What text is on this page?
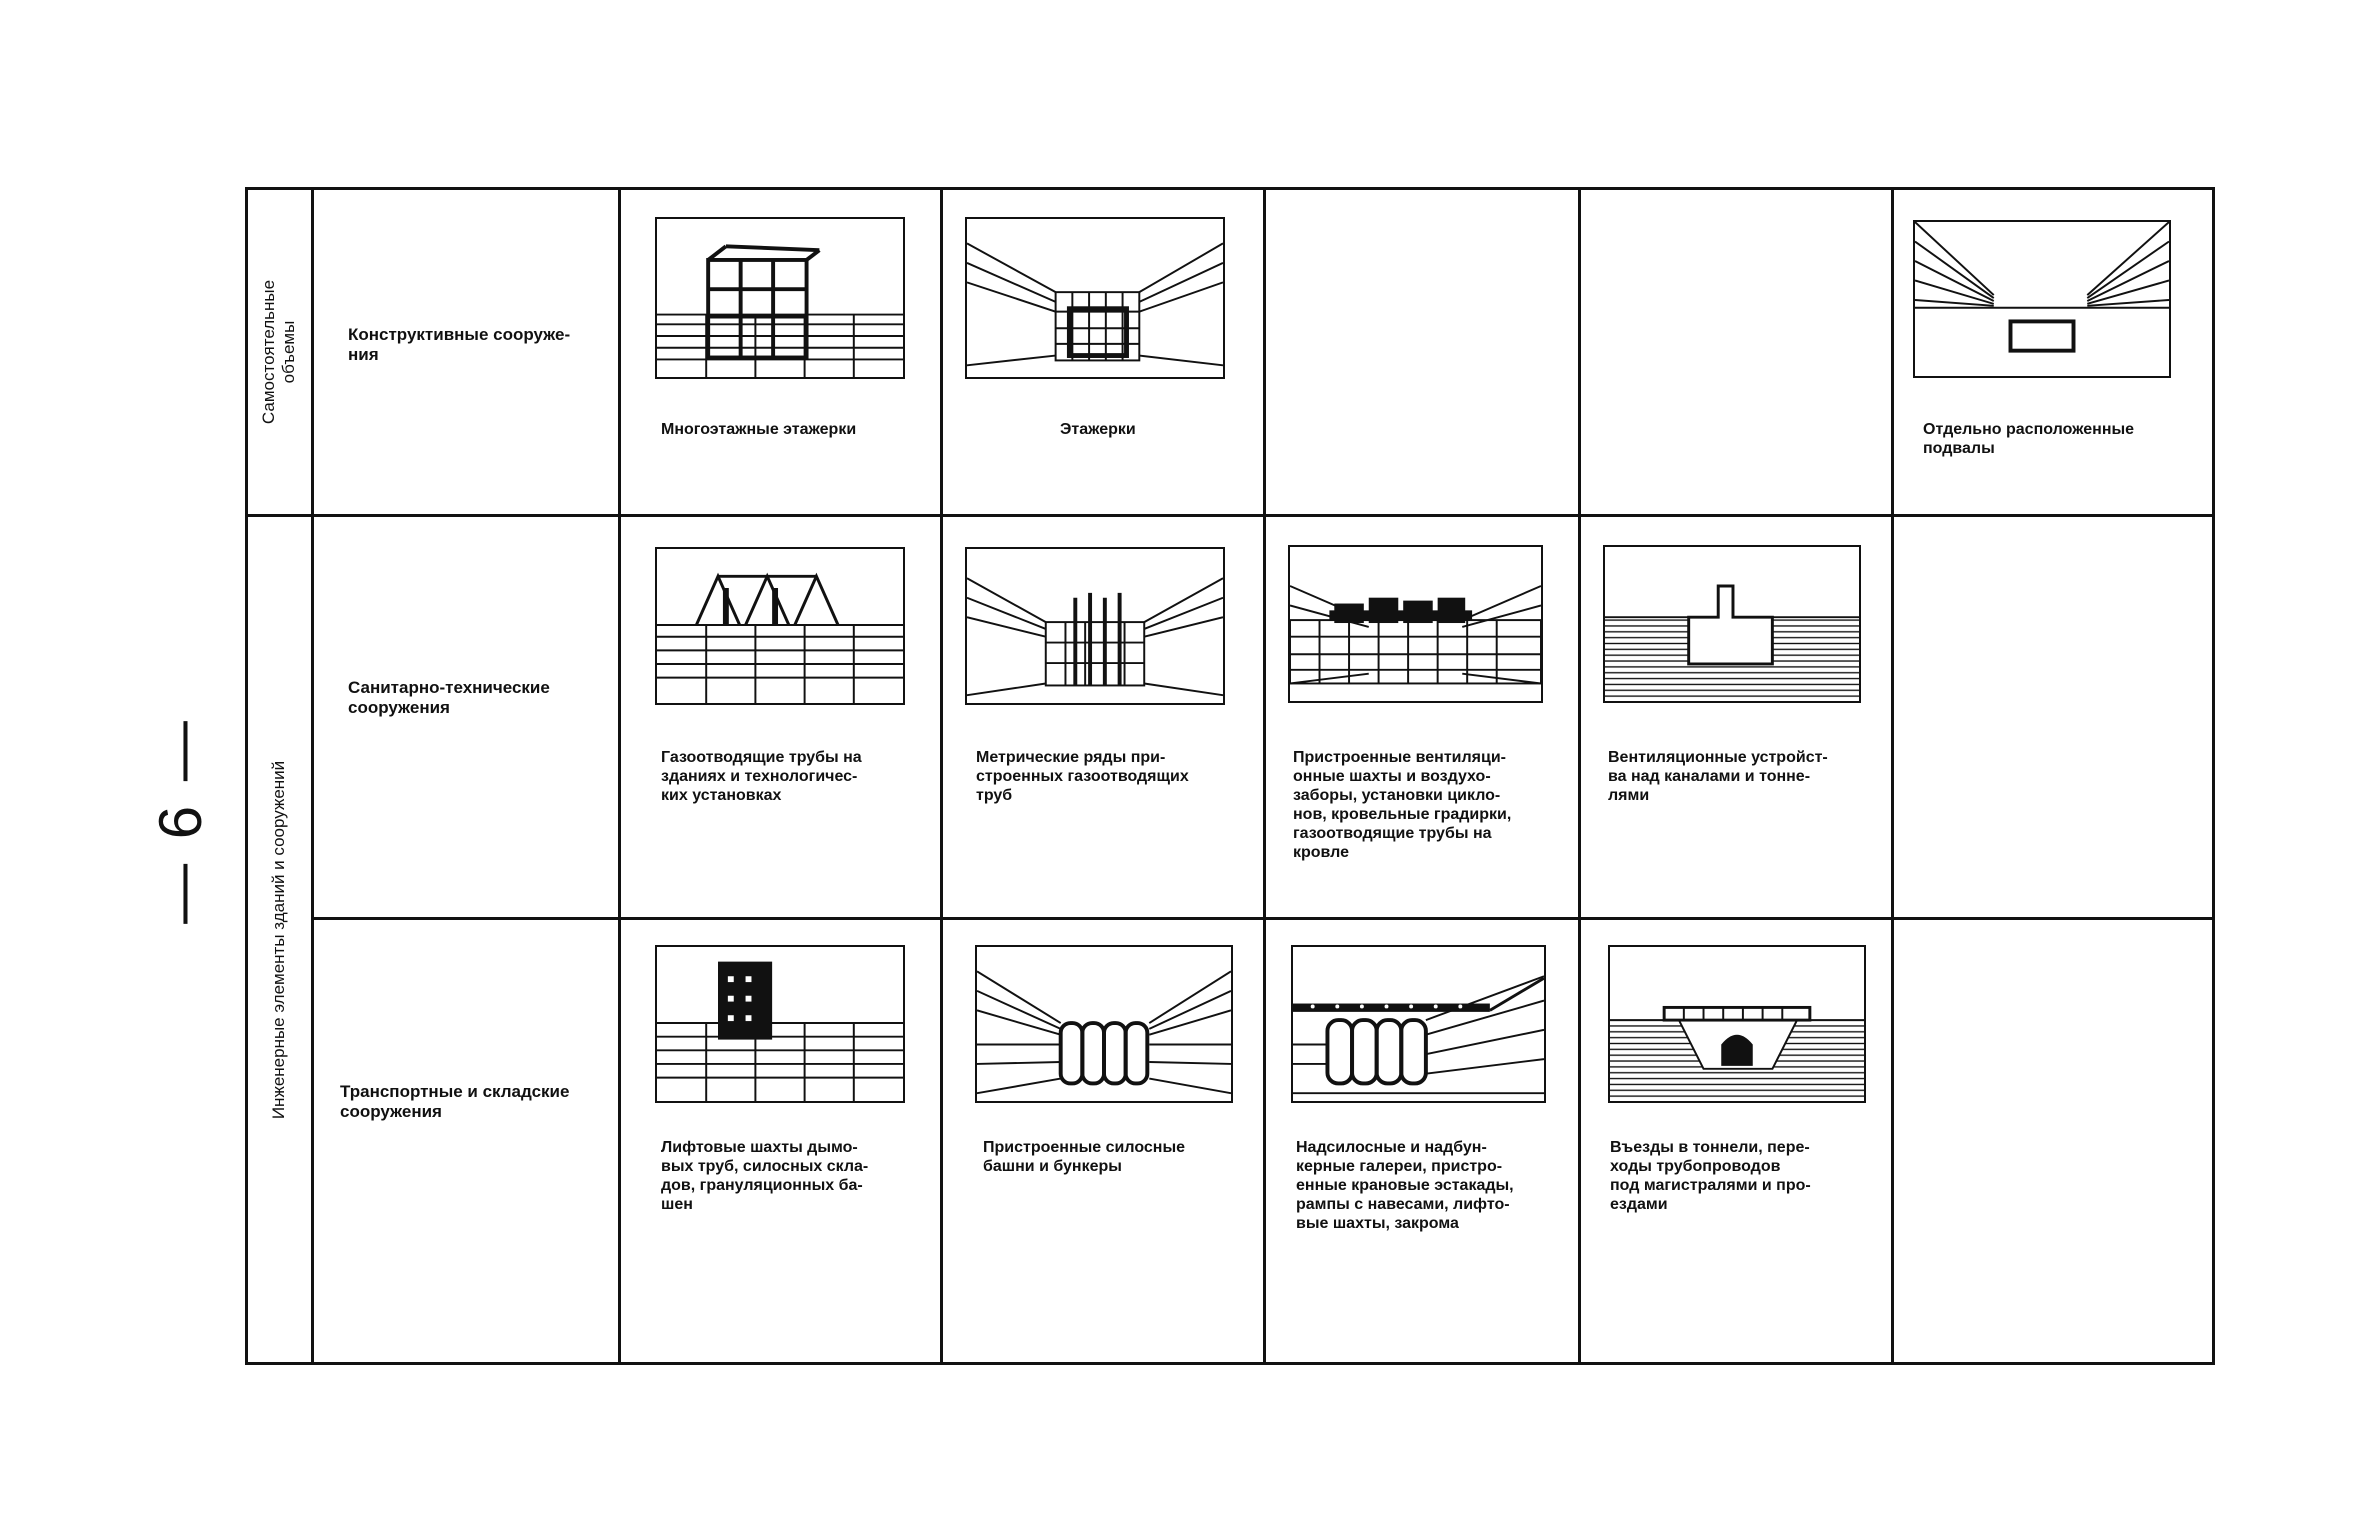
— 6 —
Самостоятельные
объемы
Инженерные элементы зданий и сооружений
Конструктивные сооруже-
ния
Санитарно-технические
сооружения
Транспортные и складские
сооружения
Многоэтажные этажерки	Этажерки	Отдельно расположенные
подвалы
Газоотводящие трубы на
зданиях и технологичес-
ких установках
Метрические ряды при-
строенных газоотводящих
труб
Пристроенные вентиляци-
онные шахты и воздухо-
заборы, установки цикло-
нов, кровельные градирки,
газоотводящие трубы на
кровле
Вентиляционные устройст-
ва над каналами и тонне-
лями
Лифтовые шахты дымо-
вых труб, силосных скла-
дов, грануляционных ба-
шен
Пристроенные силосные
башни и бункеры
Надсилосные и надбун-
керные галереи, пристро-
енные крановые эстакады,
рампы с навесами, лифто-
вые шахты, закрома
Въезды в тоннели, пере-
ходы трубопроводов
под магистралями и про-
ездами
